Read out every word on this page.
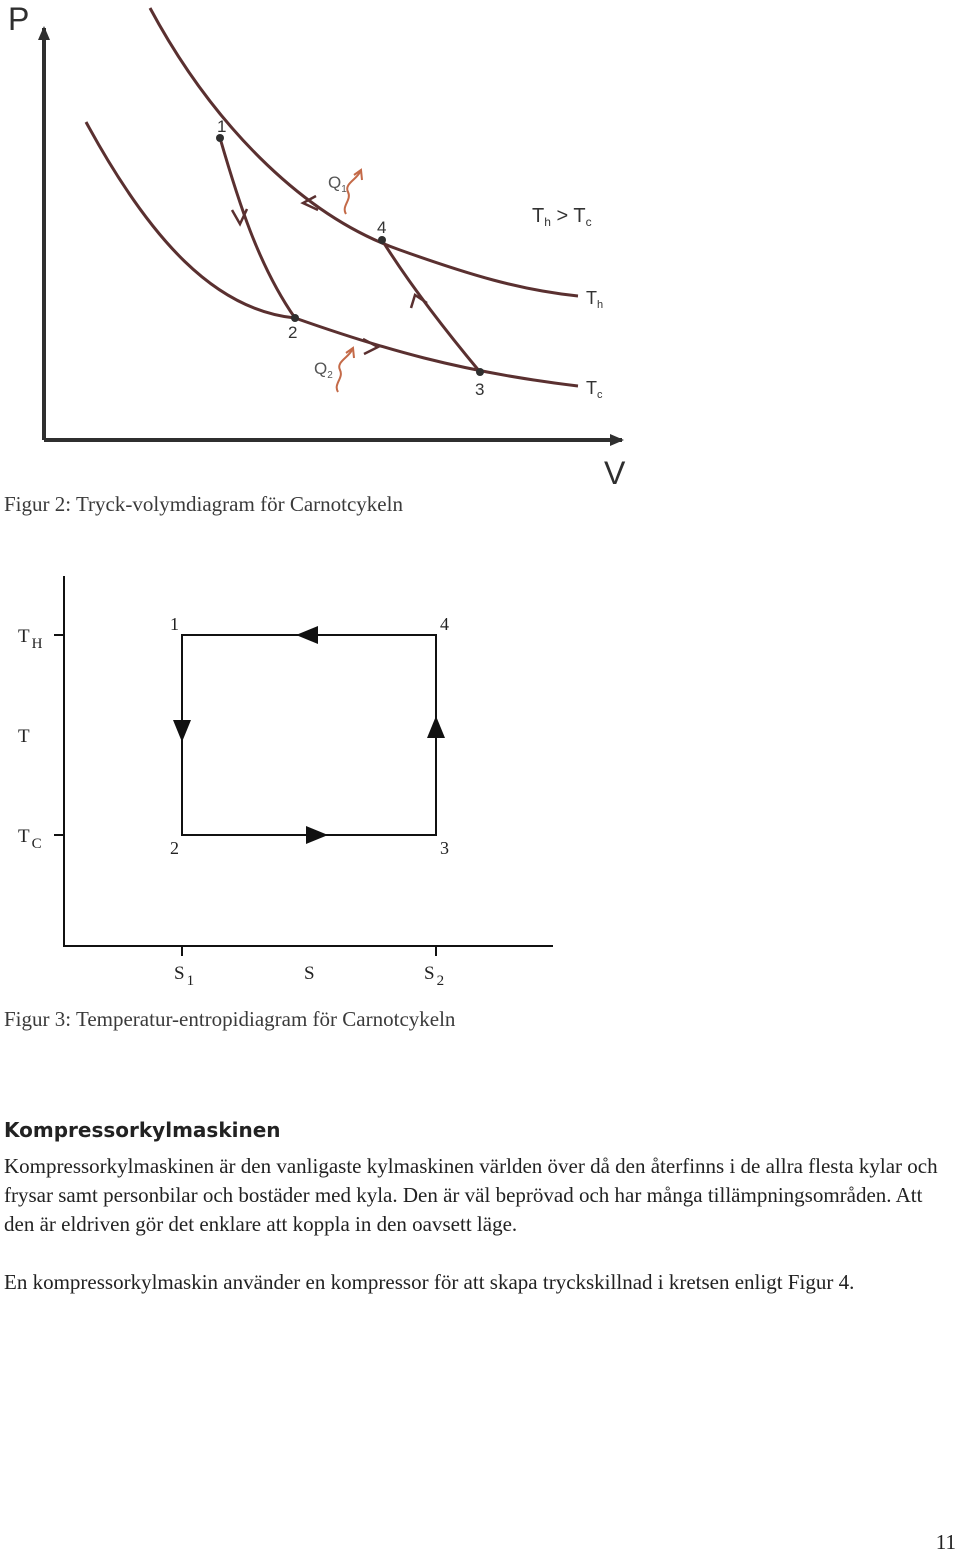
P
V
1
2
3
4
$Q_1$
$Q_2$
$T_h > T_c$
$T_h$
$T_c$
Figur 2: Tryck-volymdiagram för Carnotcykeln
T $_H$
T
T $_C$
1	4
2	3
S $_1$	S	S $_2$
Figur 3: Temperatur-entropidiagram för Carnotcykeln
Kompressorkylmaskinen

Kompressorkylmaskinen är den vanligaste kylmaskinen världen över då den återfinns i de allra flesta kylar och frysar samt personbilar och bostäder med kyla. Den är väl beprövad och har många tillämpningsområden. Att den är eldriven gör det enklare att koppla in den oavsett läge.

En kompressorkylmaskin använder en kompressor för att skapa tryckskillnad i kretsen enligt Figur 4.

11
